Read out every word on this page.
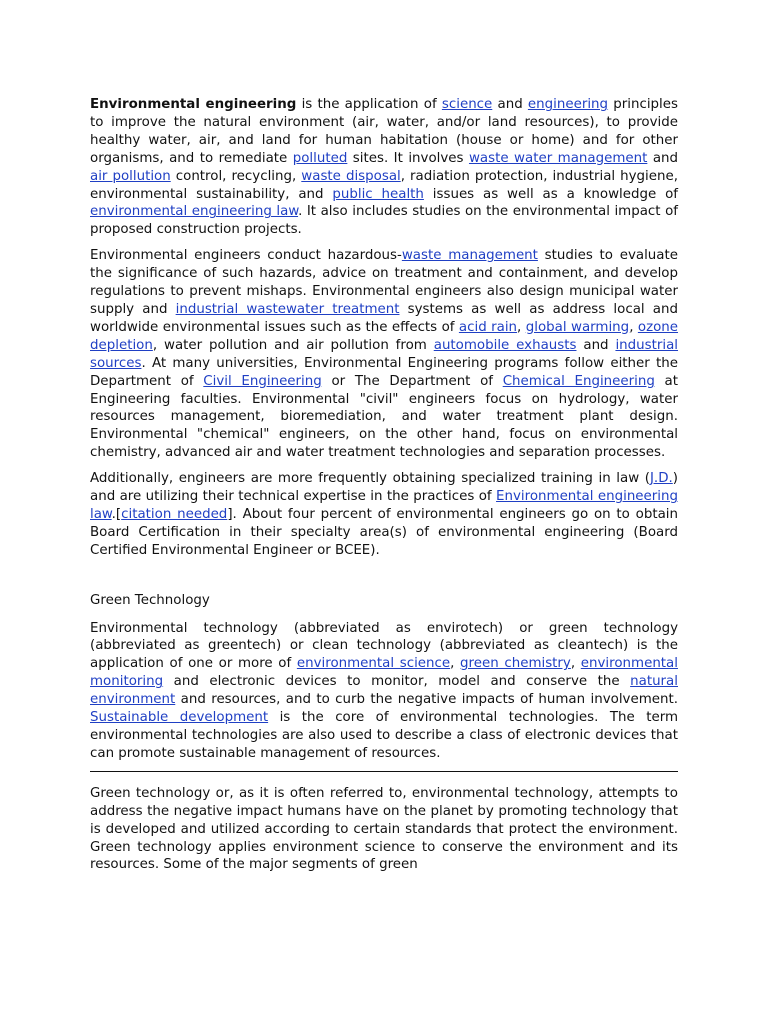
Environmental engineering is the application of science and engineering principles to improve the natural environment (air, water, and/or land resources), to provide healthy water, air, and land for human habitation (house or home) and for other organisms, and to remediate polluted sites. It involves waste water management and air pollution control, recycling, waste disposal, radiation protection, industrial hygiene, environmental sustainability, and public health issues as well as a knowledge of environmental engineering law. It also includes studies on the environmental impact of proposed construction projects.

Environmental engineers conduct hazardous-waste management studies to evaluate the significance of such hazards, advice on treatment and containment, and develop regulations to prevent mishaps. Environmental engineers also design municipal water supply and industrial wastewater treatment systems as well as address local and worldwide environmental issues such as the effects of acid rain, global warming, ozone depletion, water pollution and air pollution from automobile exhausts and industrial sources. At many universities, Environmental Engineering programs follow either the Department of Civil Engineering or The Department of Chemical Engineering at Engineering faculties. Environmental "civil" engineers focus on hydrology, water resources management, bioremediation, and water treatment plant design. Environmental "chemical" engineers, on the other hand, focus on environmental chemistry, advanced air and water treatment technologies and separation processes.

Additionally, engineers are more frequently obtaining specialized training in law (J.D.) and are utilizing their technical expertise in the practices of Environmental engineering law.[citation needed]. About four percent of environmental engineers go on to obtain Board Certification in their specialty area(s) of environmental engineering (Board Certified Environmental Engineer or BCEE).

Green Technology

Environmental technology (abbreviated as envirotech) or green technology (abbreviated as greentech) or clean technology (abbreviated as cleantech) is the application of one or more of environmental science, green chemistry, environmental monitoring and electronic devices to monitor, model and conserve the natural environment and resources, and to curb the negative impacts of human involvement. Sustainable development is the core of environmental technologies. The term environmental technologies are also used to describe a class of electronic devices that can promote sustainable management of resources.

Green technology or, as it is often referred to, environmental technology, attempts to address the negative impact humans have on the planet by promoting technology that is developed and utilized according to certain standards that protect the environment. Green technology applies environment science to conserve the environment and its resources. Some of the major segments of green
